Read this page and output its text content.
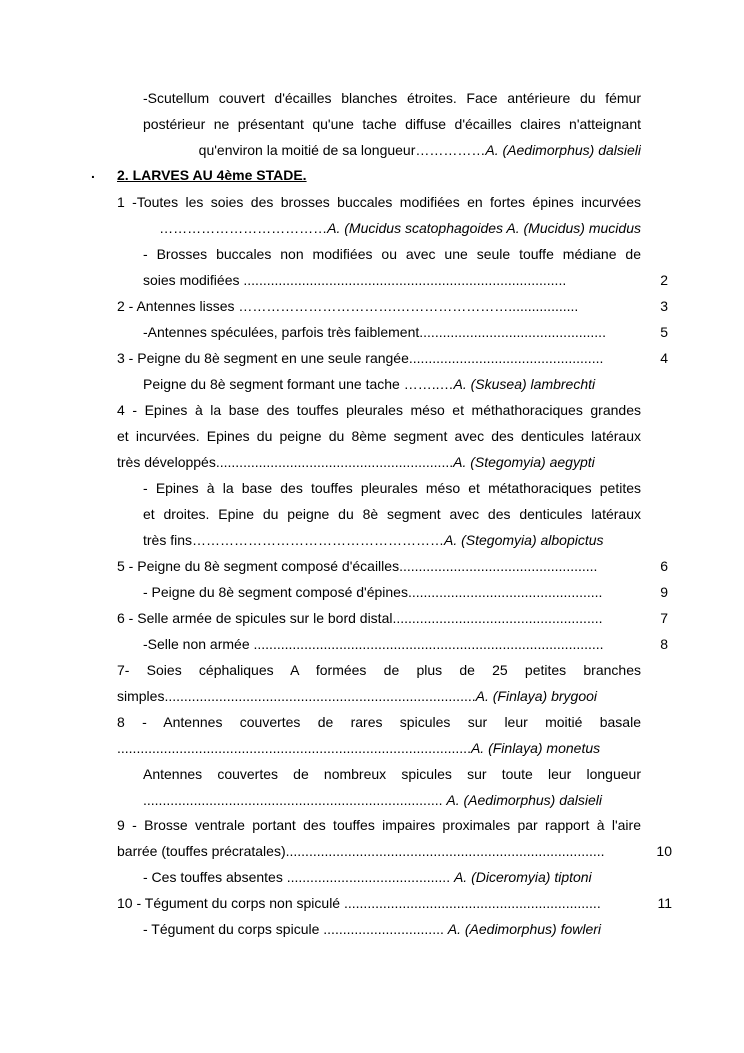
-Scutellum couvert d'écailles blanches étroites. Face antérieure du fémur
postérieur ne présentant qu'une tache diffuse d'écailles claires n'atteignant
qu'environ la moitié de sa longueur……………A. (Aedimorphus) dalsieli
. 2. LARVES AU 4ème STADE.
1 -Toutes les soies des brosses buccales modifiées en fortes épines incurvées
………………………………A. (Mucidus scatophagoides A. (Mucidus) mucidus
- Brosses buccales non modifiées ou avec une seule touffe médiane de
soies modifiées ...................................................................................	2
2 - Antennes lisses …………………………….……………………..................	3
-Antennes spéculées, parfois très faiblement................................................	5
3 - Peigne du 8è segment en une seule rangée..................................................	4
Peigne du 8è segment formant une tache ……..…A. (Skusea) lambrechti
4 - Epines à la base des touffes pleurales méso et méthathoraciques grandes
et incurvées. Epines du peigne du 8ème segment avec des denticules latéraux
très développés.............................................................A. (Stegomyia) aegypti
- Epines à la base des touffes pleurales méso et métathoraciques petites
et droites. Epine du peigne du 8è segment avec des denticules latéraux
très fins………………………………………………A. (Stegomyia) albopictus
5 - Peigne du 8è segment composé d'écailles...................................................	6
- Peigne du 8è segment composé d'épines..................................................	9
6 - Selle armée de spicules sur le bord distal......................................................	7
-Selle non armée ..........................................................................................	8
7- Soies céphaliques A formées de plus de 25 petites branches
simples................................................................................A. (Finlaya) brygooi
8 - Antennes couvertes de rares spicules sur leur moitié basale
...........................................................................................A. (Finlaya) monetus
Antennes couvertes de nombreux spicules sur toute leur longueur
............................................................................. A. (Aedimorphus) dalsieli
9 - Brosse ventrale portant des touffes impaires proximales par rapport à l'aire
barrée (touffes précratales)..................................................................................	10
- Ces touffes absentes .......................................... A. (Diceromyia) tiptoni
10 - Tégument du corps non spiculé ..................................................................	11
- Tégument du corps spicule ............................... A. (Aedimorphus) fowleri
